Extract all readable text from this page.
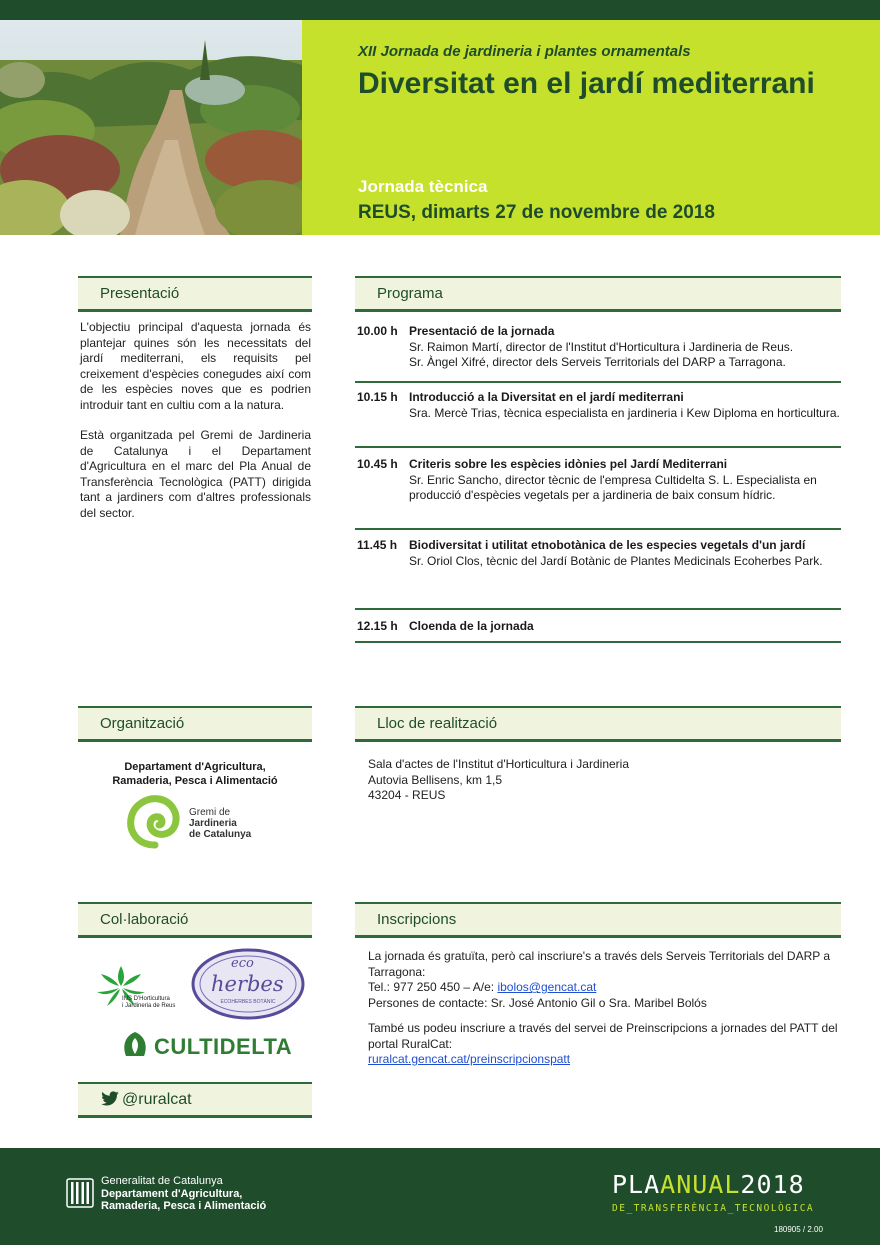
XII Jornada de jardineria i plantes ornamentals
Diversitat en el jardí mediterrani
Jornada tècnica
REUS, dimarts 27 de novembre de 2018
Presentació

L'objectiu principal d'aquesta jornada és plantejar quines són les necessitats del jardí mediterrani, els requisits pel creixement d'espècies conegudes així com de les espècies noves que es podrien introduir tant en cultiu com a la natura.

Està organitzada pel Gremi de Jardineria de Catalunya i el Departament d'Agricultura en el marc del Pla Anual de Transferència Tecnològica (PATT) dirigida tant a jardiners com d'altres professionals del sector.

Programa
10.00 h Presentació de la jornada
Sr. Raimon Martí, director de l'Institut d'Horticultura i Jardineria de Reus.
Sr. Àngel Xifré, director dels Serveis Territorials del DARP a Tarragona.
10.15 h Introducció a la Diversitat en el jardí mediterrani
Sra. Mercè Trias, tècnica especialista en jardineria i Kew Diploma en horticultura.
10.45 h Criteris sobre les espècies idònies pel Jardí Mediterrani
Sr. Enric Sancho, director tècnic de l'empresa Cultidelta S. L. Especialista en producció d'espècies vegetals per a jardineria de baix consum hídric.
11.45 h Biodiversitat i utilitat etnobotànica de les especies vegetals d'un jardí
Sr. Oriol Clos, tècnic del Jardí Botànic de Plantes Medicinals Ecoherbes Park.
12.15 h Cloenda de la jornada
Organització
Departament d'Agricultura,
Ramaderia, Pesca i Alimentació
Gremi de
Jardineria
de Catalunya
Lloc de realització
Sala d'actes de l'Institut d'Horticultura i Jardineria
Autovia Bellisens, km 1,5
43204 - REUS
Col·laboració
INS D'Horticultura
i Jardineria de Reus
eco
herbes
ECOHERBES BOTÀNIC
CULTIDELTA
@ruralcat
Inscripcions
La jornada és gratuïta, però cal inscriure's a través dels Serveis Territorials del DARP a Tarragona:
Tel.: 977 250 450 – A/e: ibolos@gencat.cat
Persones de contacte: Sr. José Antonio Gil o Sra. Maribel Bolós
També us podeu inscriure a través del servei de Preinscripcions a jornades del PATT del portal RuralCat:
ruralcat.gencat.cat/preinscripcionspatt
Generalitat de Catalunya
Departament d'Agricultura,
Ramaderia, Pesca i Alimentació
PLAANUAL2018
DE_TRANSFERÈNCIA_TECNOLÒGICA
180905 / 2.00
